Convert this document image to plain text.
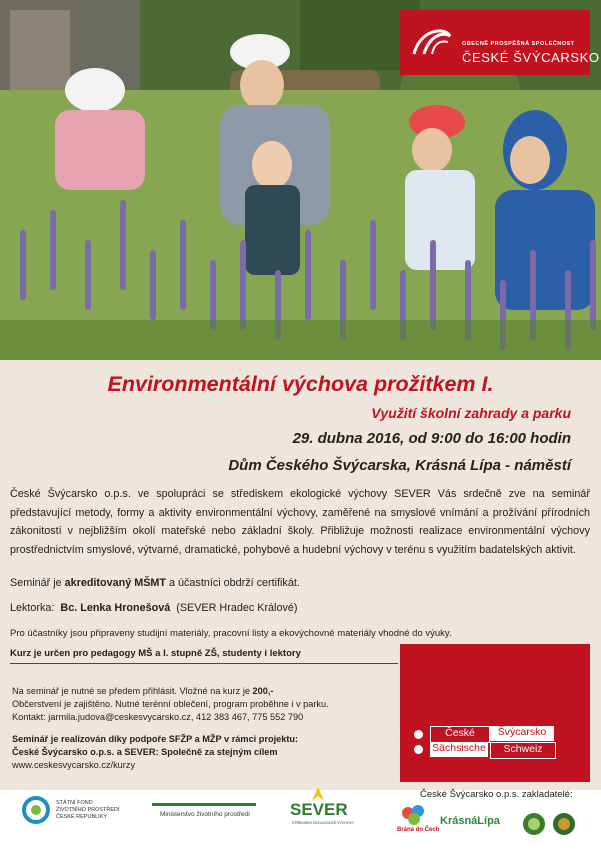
OBECNĚ PROSPĚŠNÁ SPOLEČNOST
ČESKÉ ŠVÝCARSKO
Environmentální výchova prožitkem I.
Využití školní zahrady a parku
29. dubna 2016, od 9:00 do 16:00 hodin
Dům Českého Švýcarska, Krásná Lípa - náměstí

České Švýcarsko o.p.s. ve spolupráci se střediskem ekologické výchovy SEVER Vás srdečně zve na seminář představující metody, formy a aktivity environmentální výchovy, zaměřené na smyslové vnímání a prožívání přírodních zákonitostí v nejbližším okolí mateřské nebo základní školy. Přibližuje možnosti realizace environmentální výchovy prostřednictvím smyslové, výtvarné, dramatické, pohybové a hudební výchovy v terénu s využitím badatelských aktivit.

Seminář je akreditovaný MŠMT a účastníci obdrží certifikát.
Lektorka: Bc. Lenka Hronešová (SEVER Hradec Králové)
Pro účastníky jsou připraveny studijní materiály, pracovní listy a ekovýchovné materiály vhodné do výuky.
Kurz je určen pro pedagogy MŠ a I. stupně ZŠ, studenty i lektory
Na seminář je nutné se předem přihlásit. Vložné na kurz je 200,-
Občerstvení je zajištěno. Nutné terénní oblečení, program proběhne i v parku.
Kontakt: jarmila.judova@ceskesvycarsko.cz, 412 383 467, 775 552 790
Seminář je realizován díky podpoře SFŽP a MŽP v rámci projektu:
České Švýcarsko o.p.s. a SEVER: Společně za stejným cílem
www.ceskesvycarsko.cz/kurzy
České	Švýcarsko
Sächsische	Schweiz
STÁTNÍ FOND
ŽIVOTNÍHO PROSTŘEDÍ
ČESKÉ REPUBLIKY	Ministerstvo životního prostředí SEVER
STŘEDISKO EKOLOGICKÉ VÝCHOVY
České Švýcarsko o.p.s. zakladatelé:
Brána do Čech
KrásnáLípa
